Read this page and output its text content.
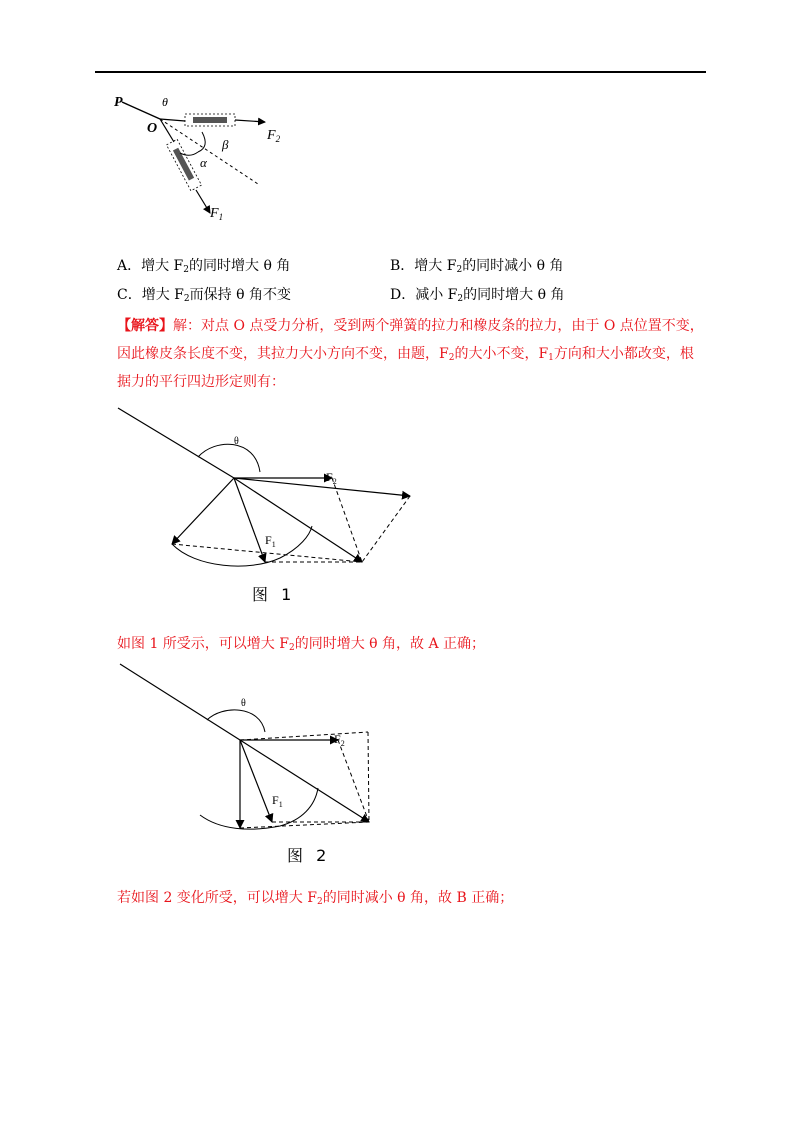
P	θ
O
β
α
$F_2$
$F_1$
A．增大 $F_2$的同时增大 θ 角	B．增大 $F_2$的同时减小 θ 角
C．增大 $F_2$而保持 θ 角不变	D．减小 $F_2$的同时增大 θ 角
【解答】解：对点 O 点受力分析，受到两个弹簧的拉力和橡皮条的拉力，由于 O 点位置不变，因此橡皮条长度不变，其拉力大小方向不变，由题，$F_2$的大小不变，$F_1$方向和大小都改变，根据力的平行四边形定则有：
θ
$F_2$
$F_1$
图 1
如图 1 所受示，可以增大 $F_2$的同时增大 θ 角，故 A 正确；
θ
$F_2$
$F_1$
图 2
若如图 2 变化所受，可以增大 $F_2$的同时减小 θ 角，故 B 正确；
